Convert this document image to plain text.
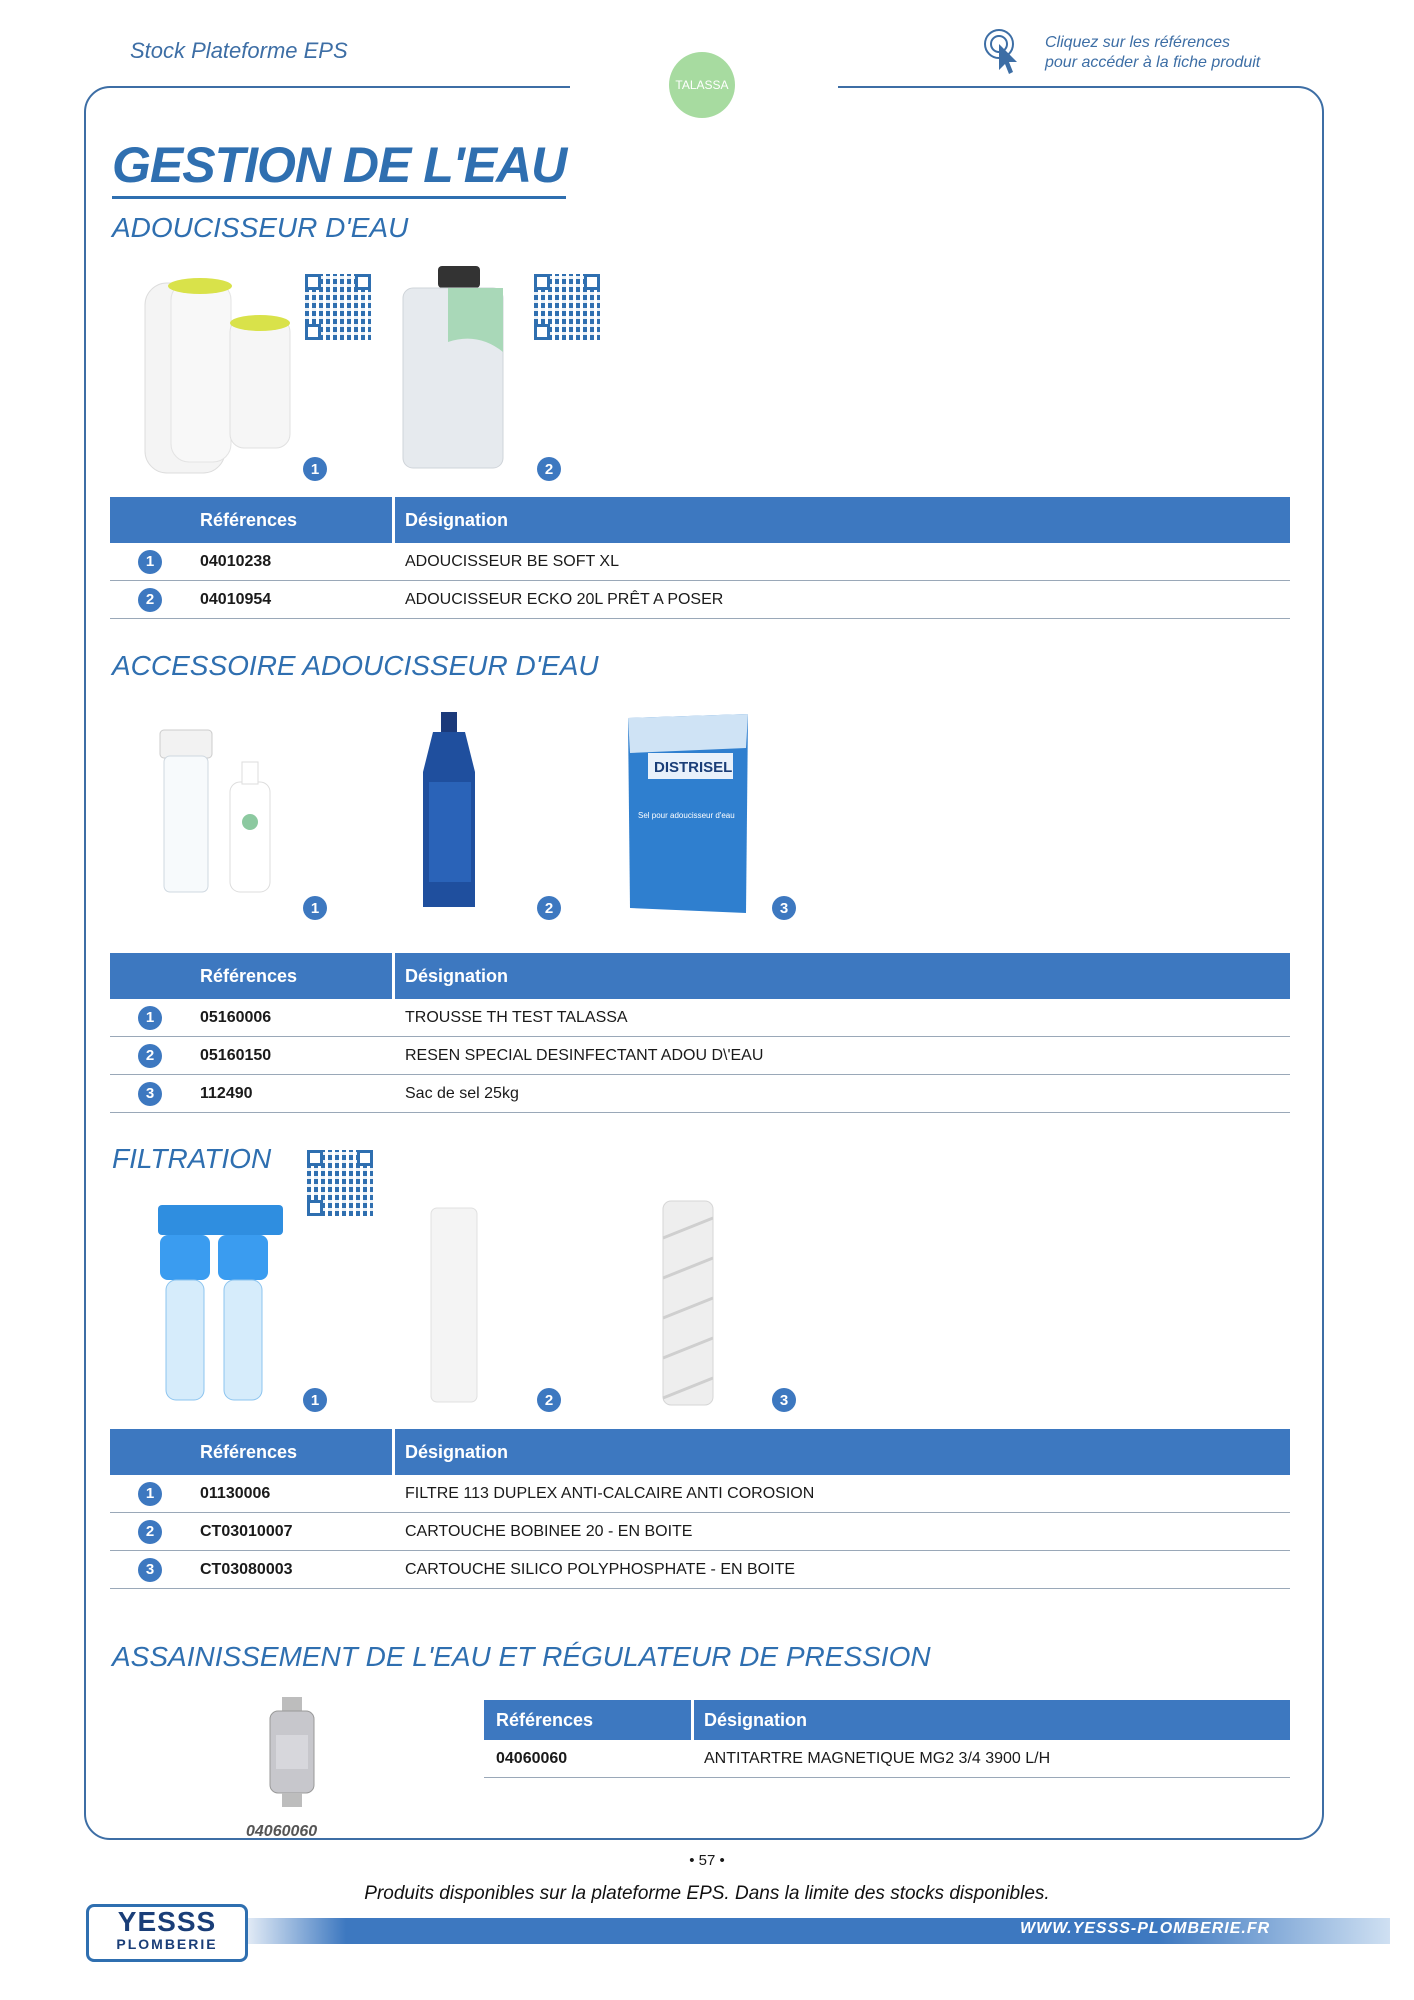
Stock Plateforme EPS	Cliquez sur les références
pour accéder à la fiche produit
TALASSA
GESTION DE L'EAU
ADOUCISSEUR D'EAU
1	2
Références	Désignation
1	04010238	ADOUCISSEUR BE SOFT XL
2	04010954	ADOUCISSEUR ECKO 20L PRÊT A POSER
ACCESSOIRE ADOUCISSEUR D'EAU
1	2
DISTRISEL
Sel pour adoucisseur d'eau
3
Références	Désignation
1	05160006	TROUSSE TH TEST TALASSA
2	05160150	RESEN SPECIAL DESINFECTANT ADOU D\'EAU
3	112490	Sac de sel 25kg
FILTRATION
1	2	3
Références	Désignation
1	01130006	FILTRE 113 DUPLEX ANTI-CALCAIRE ANTI COROSION
2	CT03010007	CARTOUCHE BOBINEE 20 - EN BOITE
3	CT03080003	CARTOUCHE SILICO POLYPHOSPHATE - EN BOITE
ASSAINISSEMENT DE L'EAU ET RÉGULATEUR DE PRESSION
04060060
Références	Désignation
04060060	ANTITARTRE MAGNETIQUE MG2 3/4 3900 L/H
• 57 •
Produits disponibles sur la plateforme EPS. Dans la limite des stocks disponibles.
WWW.YESSS-PLOMBERIE.FR
YESSS
PLOMBERIE
